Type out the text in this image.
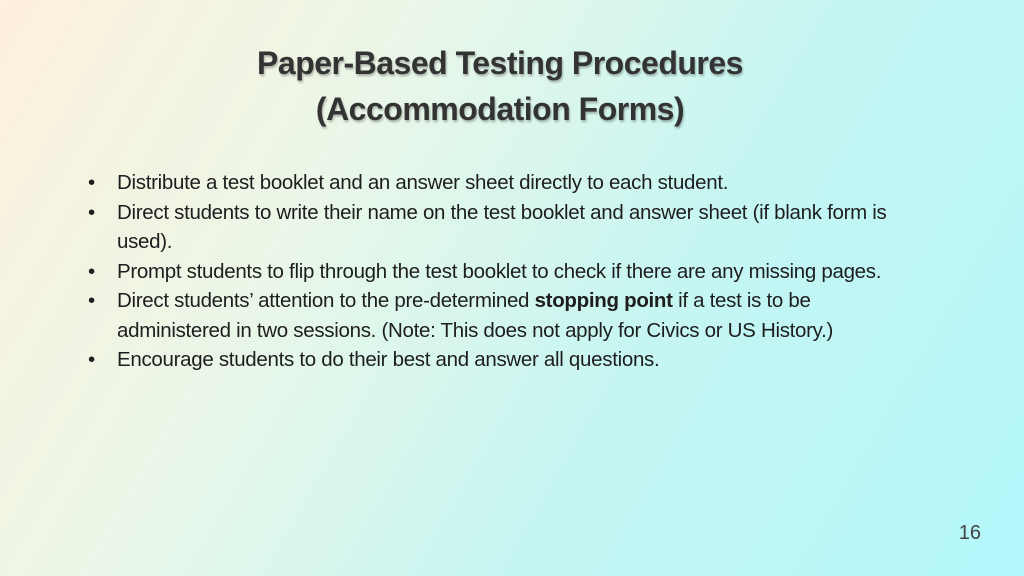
Paper-Based Testing Procedures
(Accommodation Forms)
•	Distribute a test booklet and an answer sheet directly to each student.
•	Direct students to write their name on the test booklet and answer sheet (if blank form is used).
•	Prompt students to flip through the test booklet to check if there are any missing pages.
•	Direct students’ attention to the pre-determined stopping point if a test is to be administered in two sessions. (Note: This does not apply for Civics or US History.)
•	Encourage students to do their best and answer all questions.
16
